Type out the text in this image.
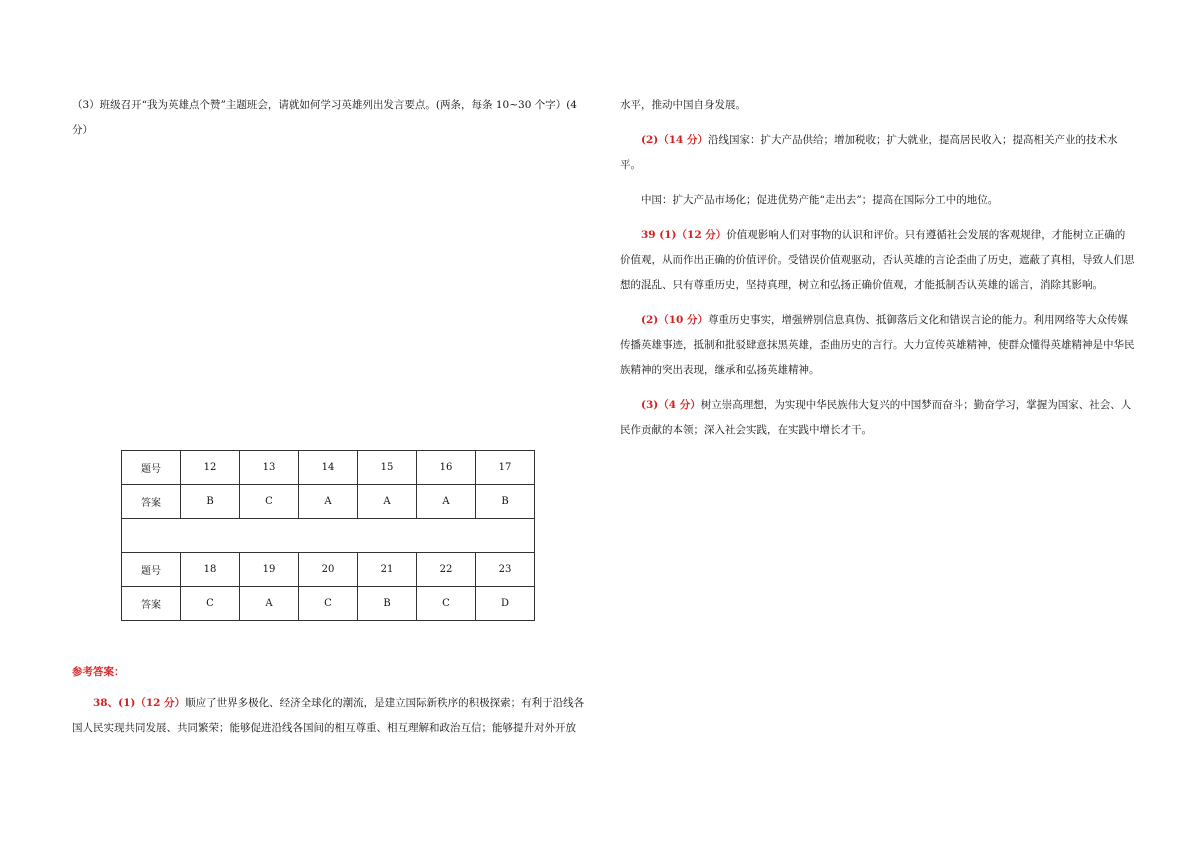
（3）班级召开“我为英雄点个赞”主题班会，请就如何学习英雄列出发言要点。(两条，每条 10~30 个字）(4 分）

题号	12	13	14	15	16	17
答案	B	C	A	A	A	B

题号	18	19	20	21	22	23
答案	C	A	C	B	C	D
参考答案：

38、(1)（12 分）顺应了世界多极化、经济全球化的潮流，是建立国际新秩序的积极探索；有利于沿线各国人民实现共同发展、共同繁荣；能够促进沿线各国间的相互尊重、相互理解和政治互信；能够提升对外开放

水平，推动中国自身发展。

(2)（14 分）沿线国家：扩大产品供给；增加税收；扩大就业，提高居民收入；提高相关产业的技术水平。

中国：扩大产品市场化；促进优势产能“走出去”；提高在国际分工中的地位。

39 (1)（12 分）价值观影响人们对事物的认识和评价。只有遵循社会发展的客观规律，才能树立正确的价值观，从而作出正确的价值评价。受错误价值观驱动，否认英雄的言论歪曲了历史，遮蔽了真相，导致人们思想的混乱、只有尊重历史，坚持真理，树立和弘扬正确价值观，才能抵制否认英雄的谣言，消除其影响。

(2)（10 分）尊重历史事实，增强辨别信息真伪、抵御落后文化和错误言论的能力。利用网络等大众传媒传播英雄事迹，抵制和批驳肆意抹黑英雄，歪曲历史的言行。大力宣传英雄精神，使群众懂得英雄精神是中华民族精神的突出表现，继承和弘扬英雄精神。

(3)（4 分）树立崇高理想，为实现中华民族伟大复兴的中国梦而奋斗；勤奋学习，掌握为国家、社会、人民作贡献的本领；深入社会实践，在实践中增长才干。
